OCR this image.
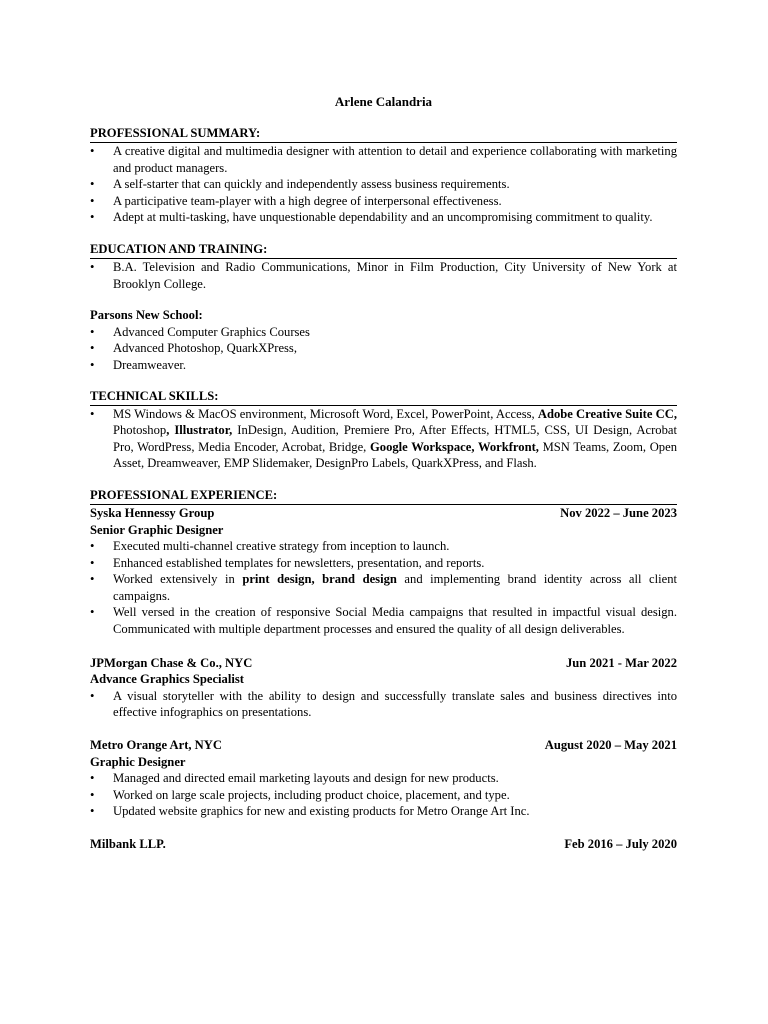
Arlene Calandria
PROFESSIONAL SUMMARY:
•	A creative digital and multimedia designer with attention to detail and experience collaborating with marketing and product managers.
•	A self-starter that can quickly and independently assess business requirements.
•	A participative team-player with a high degree of interpersonal effectiveness.
•	Adept at multi-tasking, have unquestionable dependability and an uncompromising commitment to quality.
EDUCATION AND TRAINING:
•	B.A. Television and Radio Communications, Minor in Film Production, City University of New York at Brooklyn College.
Parsons New School:
•	Advanced Computer Graphics Courses
•	Advanced Photoshop, QuarkXPress,
•	Dreamweaver.
TECHNICAL SKILLS:
•	MS Windows & MacOS environment, Microsoft Word, Excel, PowerPoint, Access, Adobe Creative Suite CC, Photoshop, Illustrator, InDesign, Audition, Premiere Pro, After Effects, HTML5, CSS, UI Design, Acrobat Pro, WordPress, Media Encoder, Acrobat, Bridge, Google Workspace, Workfront, MSN Teams, Zoom, Open Asset, Dreamweaver, EMP Slidemaker, DesignPro Labels, QuarkXPress, and Flash.
PROFESSIONAL EXPERIENCE:
Syska Hennessy Group	Nov 2022 – June 2023
Senior Graphic Designer
•	Executed multi-channel creative strategy from inception to launch.
•	Enhanced established templates for newsletters, presentation, and reports.
•	Worked extensively in print design, brand design and implementing brand identity across all client campaigns.
•	Well versed in the creation of responsive Social Media campaigns that resulted in impactful visual design. Communicated with multiple department processes and ensured the quality of all design deliverables.
JPMorgan Chase & Co., NYC	Jun 2021 - Mar 2022
Advance Graphics Specialist
•	A visual storyteller with the ability to design and successfully translate sales and business directives into effective infographics on presentations.
Metro Orange Art, NYC	August 2020 – May 2021
Graphic Designer
•	Managed and directed email marketing layouts and design for new products.
•	Worked on large scale projects, including product choice, placement, and type.
•	Updated website graphics for new and existing products for Metro Orange Art Inc.
Milbank LLP.	Feb 2016 – July 2020
